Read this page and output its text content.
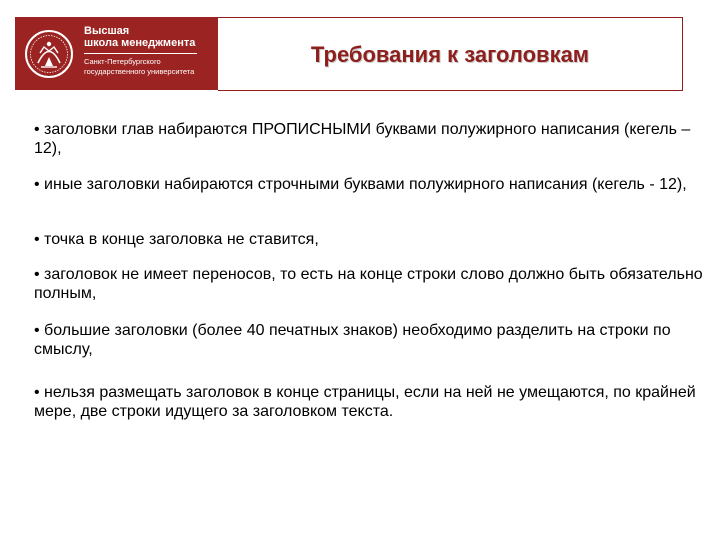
Высшая
школа менеджмента
Санкт-Петербургского
государственного университета
Требования к заголовкам
• заголовки глав набираются ПРОПИСНЫМИ буквами полужирного написания (кегель – 12),
• иные заголовки набираются строчными буквами полужирного написания (кегель - 12),
• точка в конце заголовка не ставится,
• заголовок не имеет переносов, то есть на конце строки слово должно быть обязательно полным,
• большие заголовки (более 40 печатных знаков) необходимо разделить на строки по смыслу,
• нельзя размещать заголовок в конце страницы, если на ней не умещаются, по крайней мере, две строки идущего за заголовком текста.
